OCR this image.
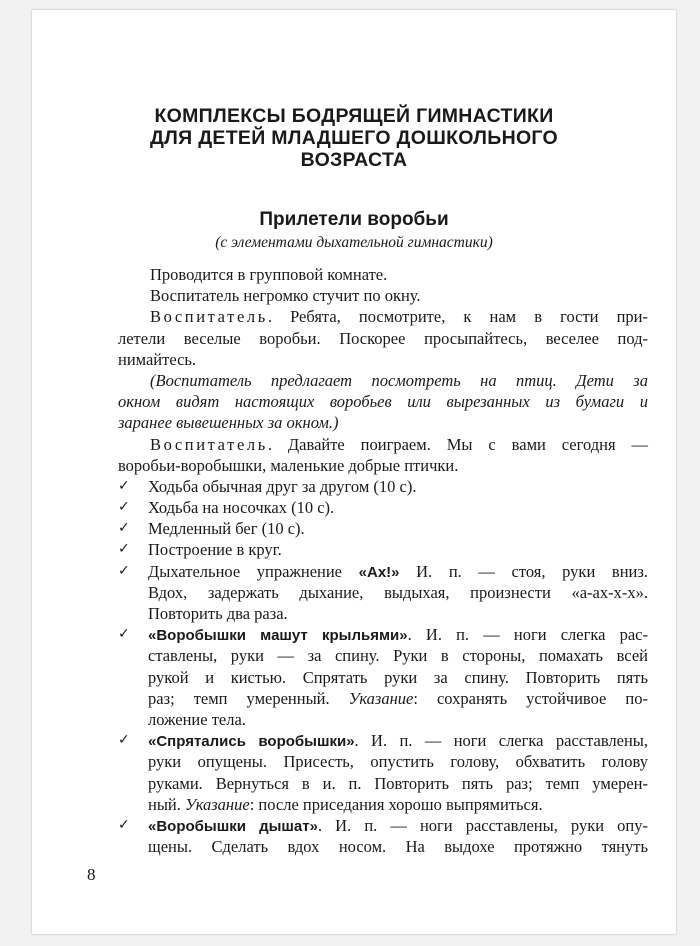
КОМПЛЕКСЫ БОДРЯЩЕЙ ГИМНАСТИКИ
ДЛЯ ДЕТЕЙ МЛАДШЕГО ДОШКОЛЬНОГО
ВОЗРАСТА
Прилетели воробьи
(с элементами дыхательной гимнастики)
Проводится в групповой комнате.
Воспитатель негромко стучит по окну.
Воспитатель. Ребята, посмотрите, к нам в гости при-
летели веселые воробьи. Поскорее просыпайтесь, веселее под-
нимайтесь.
(Воспитатель предлагает посмотреть на птиц. Дети за
окном видят настоящих воробьев или вырезанных из бумаги и
заранее вывешенных за окном.)
Воспитатель. Давайте поиграем. Мы с вами сегодня —
воробьи-воробышки, маленькие добрые птички.
✓	Ходьба обычная друг за другом (10 с).
✓	Ходьба на носочках (10 с).
✓	Медленный бег (10 с).
✓	Построение в круг.
✓	Дыхательное упражнение «Ах!» И. п. — стоя, руки вниз.
Вдох, задержать дыхание, выдыхая, произнести «а-ах-х-х».
Повторить два раза.
✓	«Воробышки машут крыльями». И. п. — ноги слегка рас-
ставлены, руки — за спину. Руки в стороны, помахать всей
рукой и кистью. Спрятать руки за спину. Повторить пять
раз; темп умеренный. Указание: сохранять устойчивое по-
ложение тела.
✓	«Спрятались воробышки». И. п. — ноги слегка расставлены,
руки опущены. Присесть, опустить голову, обхватить голову
руками. Вернуться в и. п. Повторить пять раз; темп умерен-
ный. Указание: после приседания хорошо выпрямиться.
✓	«Воробышки дышат». И. п. — ноги расставлены, руки опу-
щены. Сделать вдох носом. На выдохе протяжно тянуть
8
